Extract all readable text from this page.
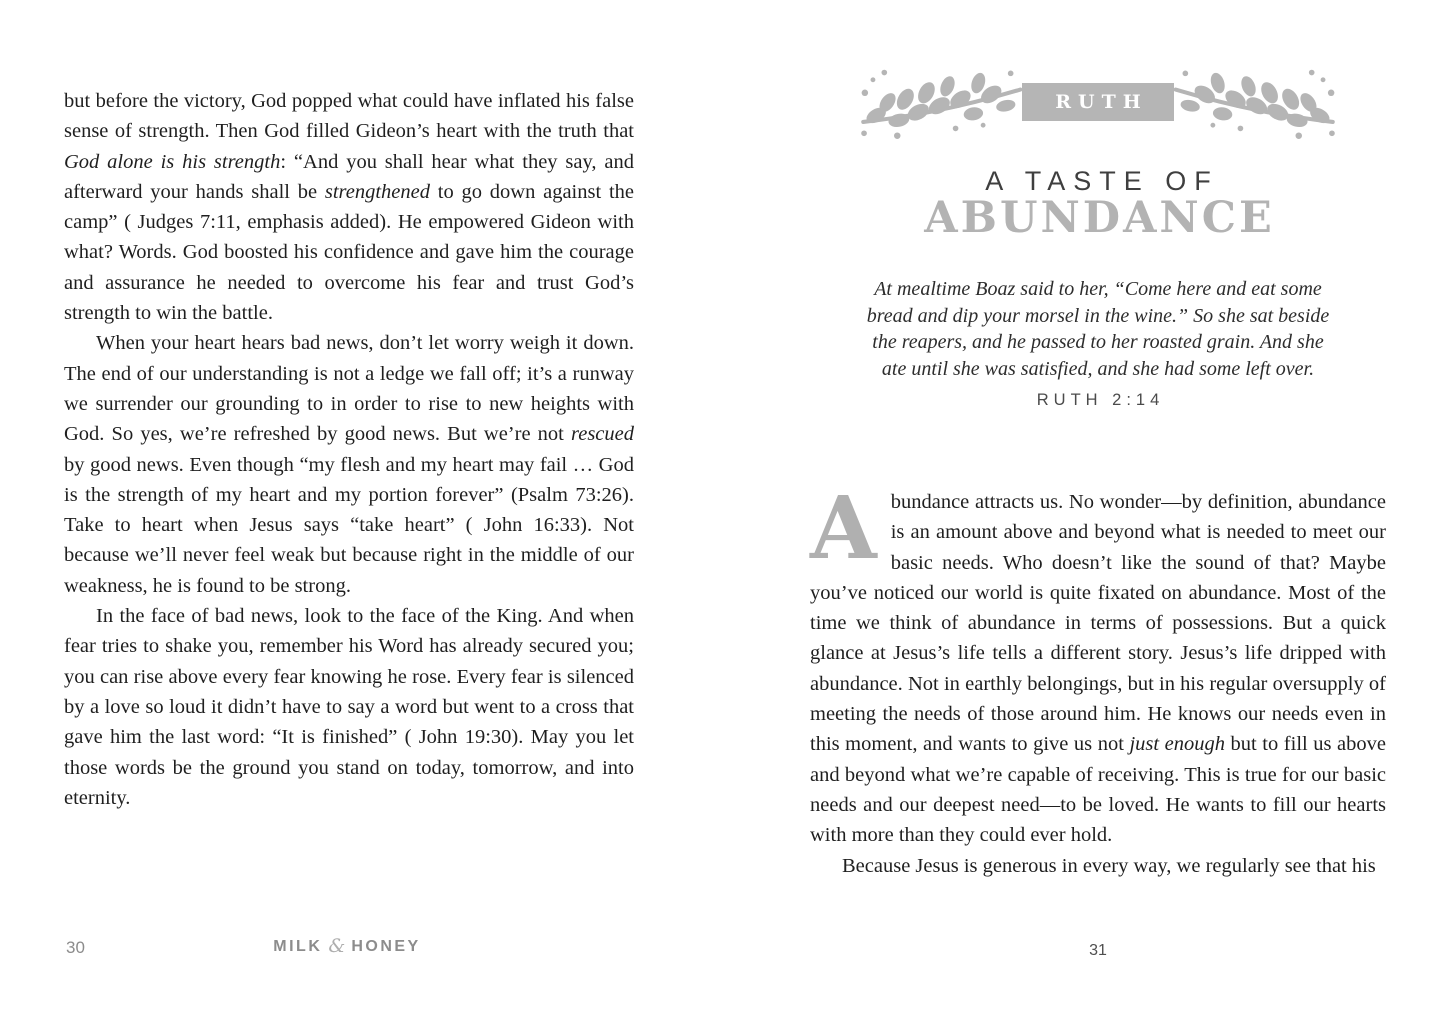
but before the victory, God popped what could have inflated his false sense of strength. Then God filled Gideon’s heart with the truth that God alone is his strength: “And you shall hear what they say, and afterward your hands shall be strengthened to go down against the camp” ( Judges 7:11, emphasis added). He empowered Gideon with what? Words. God boosted his confidence and gave him the courage and assurance he needed to overcome his fear and trust God’s strength to win the battle.

When your heart hears bad news, don’t let worry weigh it down. The end of our understanding is not a ledge we fall off; it’s a runway we surrender our grounding to in order to rise to new heights with God. So yes, we’re refreshed by good news. But we’re not rescued by good news. Even though “my flesh and my heart may fail … God is the strength of my heart and my portion forever” (Psalm 73:26). Take to heart when Jesus says “take heart” ( John 16:33). Not because we’ll never feel weak but because right in the middle of our weakness, he is found to be strong.

In the face of bad news, look to the face of the King. And when fear tries to shake you, remember his Word has already secured you; you can rise above every fear knowing he rose. Every fear is silenced by a love so loud it didn’t have to say a word but went to a cross that gave him the last word: “It is finished” ( John 19:30). May you let those words be the ground you stand on today, tomorrow, and into eternity.

30	MILK & HONEY
RUTH
A TASTE OF
ABUNDANCE
At mealtime Boaz said to her, “Come here and eat some
bread and dip your morsel in the wine.” So she sat beside
the reapers, and he passed to her roasted grain. And she
ate until she was satisfied, and she had some left over.
RUTH 2:14

Abundance attracts us. No wonder—by definition, abundance is an amount above and beyond what is needed to meet our basic needs. Who doesn’t like the sound of that? Maybe you’ve noticed our world is quite fixated on abundance. Most of the time we think of abundance in terms of possessions. But a quick glance at Jesus’s life tells a different story. Jesus’s life dripped with abundance. Not in earthly belongings, but in his regular oversupply of meeting the needs of those around him. He knows our needs even in this moment, and wants to give us not just enough but to fill us above and beyond what we’re capable of receiving. This is true for our basic needs and our deepest need—to be loved. He wants to fill our hearts with more than they could ever hold.

Because Jesus is generous in every way, we regularly see that his

31
